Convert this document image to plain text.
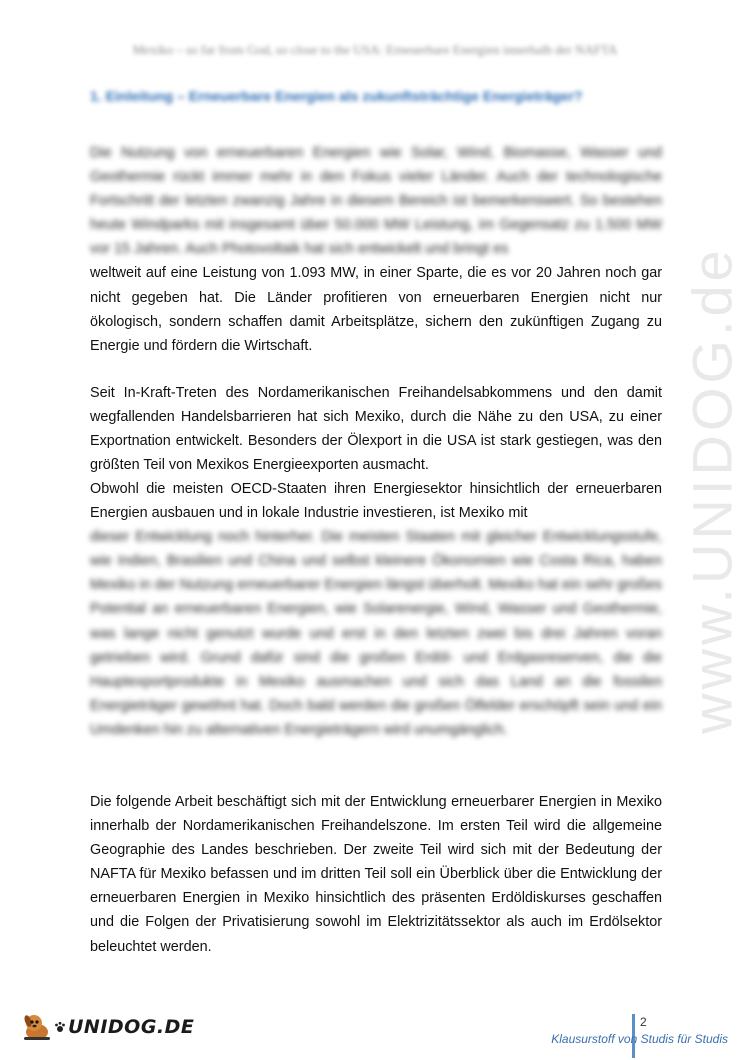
Mexiko – so far from God, so close to the USA: Erneuerbare Energien innerhalb der NAFTA
1. Einleitung – Erneuerbare Energien als zukunftsträchtige Energieträger?

Die Nutzung von erneuerbaren Energien wie Solar, Wind, Biomasse, Wasser und Geothermie rückt immer mehr in den Fokus vieler Länder. Auch der technologische Fortschritt der letzten zwanzig Jahre in diesem Bereich ist bemerkenswert. So bestehen heute Windparks mit insgesamt über 50.000 MW Leistung, im Gegensatz zu 1.500 MW vor 15 Jahren. Auch Photovoltaik hat sich entwickelt und bringt es

weltweit auf eine Leistung von 1.093 MW, in einer Sparte, die es vor 20 Jahren noch gar nicht gegeben hat. Die Länder profitieren von erneuerbaren Energien nicht nur ökologisch, sondern schaffen damit Arbeitsplätze, sichern den zukünftigen Zugang zu Energie und fördern die Wirtschaft.

Seit In-Kraft-Treten des Nordamerikanischen Freihandelsabkommens und den damit wegfallenden Handelsbarrieren hat sich Mexiko, durch die Nähe zu den USA, zu einer Exportnation entwickelt. Besonders der Ölexport in die USA ist stark gestiegen, was den größten Teil von Mexikos Energieexporten ausmacht.

Obwohl die meisten OECD-Staaten ihren Energiesektor hinsichtlich der erneuerbaren Energien ausbauen und in lokale Industrie investieren, ist Mexiko mit

dieser Entwicklung noch hinterher. Die meisten Staaten mit gleicher Entwicklungsstufe, wie Indien, Brasilien und China und selbst kleinere Ökonomien wie Costa Rica, haben Mexiko in der Nutzung erneuerbarer Energien längst überholt. Mexiko hat ein sehr großes Potential an erneuerbaren Energien, wie Solarenergie, Wind, Wasser und Geothermie, was lange nicht genutzt wurde und erst in den letzten zwei bis drei Jahren voran getrieben wird. Grund dafür sind die großen Erdöl- und Erdgasreserven, die die Hauptexportprodukte in Mexiko ausmachen und sich das Land an die fossilen Energieträger gewöhnt hat. Doch bald werden die großen Ölfelder erschöpft sein und ein Umdenken hin zu alternativen Energieträgern wird unumgänglich.

Die folgende Arbeit beschäftigt sich mit der Entwicklung erneuerbarer Energien in Mexiko innerhalb der Nordamerikanischen Freihandelszone. Im ersten Teil wird die allgemeine Geographie des Landes beschrieben. Der zweite Teil wird sich mit der Bedeutung der NAFTA für Mexiko befassen und im dritten Teil soll ein Überblick über die Entwicklung der erneuerbaren Energien in Mexiko hinsichtlich des präsenten Erdöldiskurses geschaffen und die Folgen der Privatisierung sowohl im Elektrizitätssektor als auch im Erdölsektor beleuchtet werden.

www.UNIDOG.de
UNIDOG.DE	2
Klausurstoff von Studis für Studis
